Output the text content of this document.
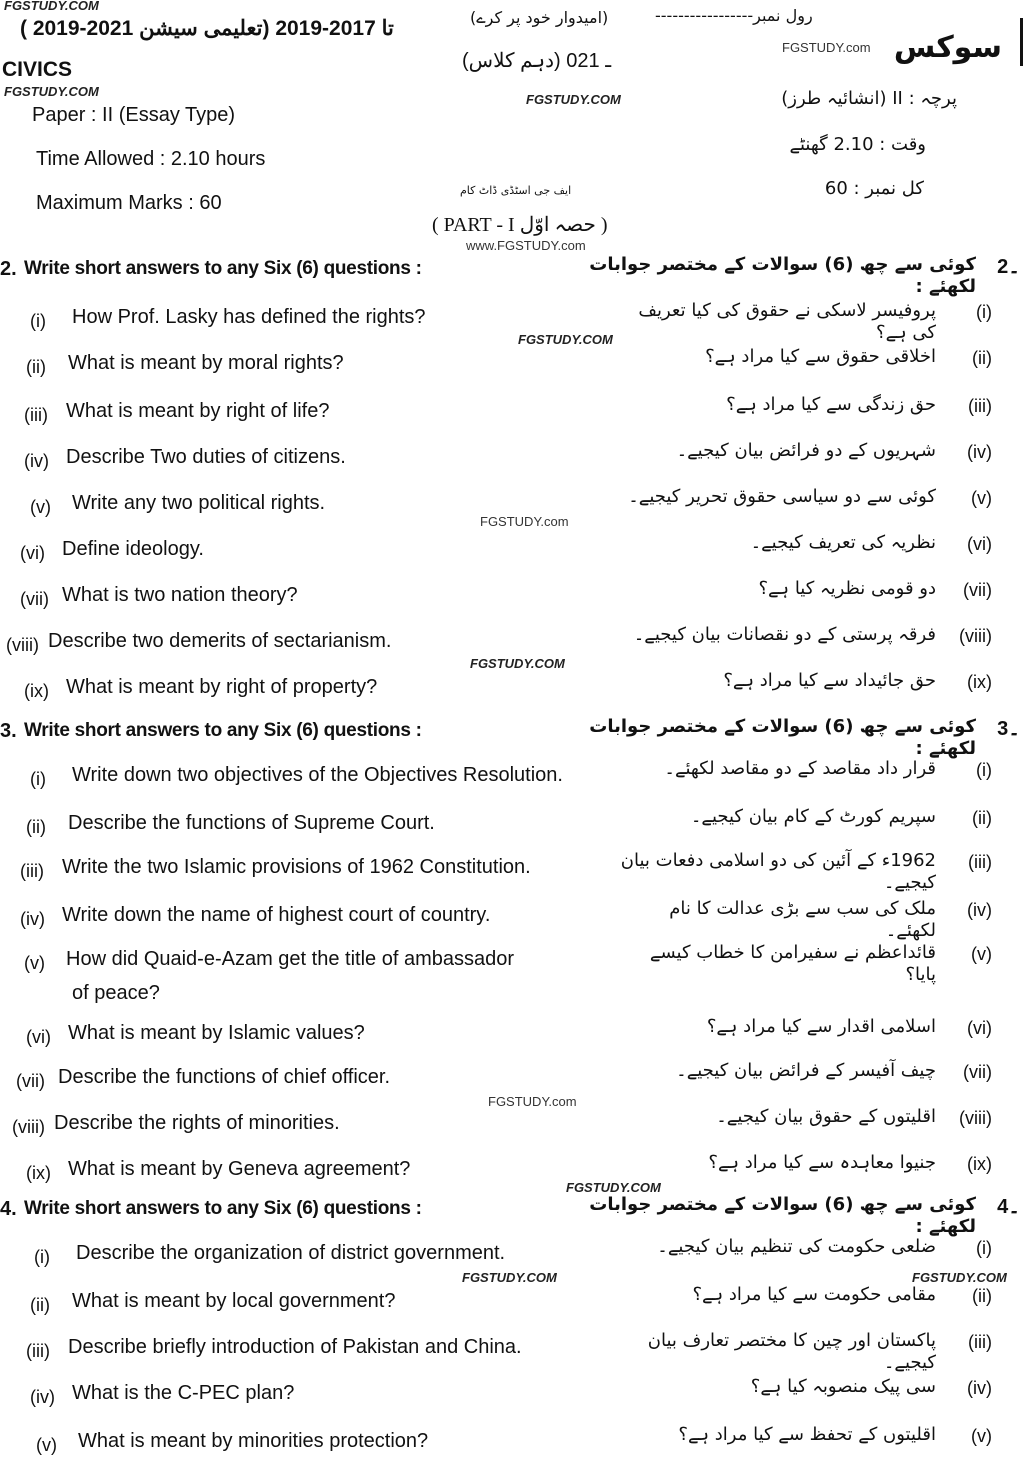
( 2019-2021 تا 2017-2019 (تعلیمی سیشن	(امیدوار خود پر کرے)	رول نمبر-----------------
(دہم کلاس) ـ 021
CIVICS
سوکس
Paper : II (Essay Type)
Time Allowed : 2.10 hours
Maximum Marks : 60
پرچہ : II (انشائیہ طرز)
وقت : 2.10 گھنٹے
کل نمبر : 60
( PART - I حصہ اوّل )
FGSTUDY.COM
FGSTUDY.COM
FGSTUDY.COM
FGSTUDY.com
www.FGSTUDY.com
FGSTUDY.COM
FGSTUDY.com
FGSTUDY.COM
FGSTUDY.com
FGSTUDY.COM
FGSTUDY.COM	FGSTUDY.COM
ایف جی اسٹڈی ڈاٹ کام
2. Write short answers to any Six (6) questions :	کوئی سے چھ (6) سوالات کے مختصر جوابات لکھئے :
2۔
(i) How Prof. Lasky has defined the rights?	پروفیسر لاسکی نے حقوق کی کیا تعریف کی ہے؟
(i)
(ii) What is meant by moral rights?	اخلاقی حقوق سے کیا مراد ہے؟	(ii)
(iii) What is meant by right of life?	حق زندگی سے کیا مراد ہے؟	(iii)
(iv) Describe Two duties of citizens.	شہریوں کے دو فرائض بیان کیجیے۔	(iv)
(v) Write any two political rights.	کوئی سے دو سیاسی حقوق تحریر کیجیے۔	(v)
(vi) Define ideology.	نظریہ کی تعریف کیجیے۔	(vi)
(vii) What is two nation theory?	دو قومی نظریہ کیا ہے؟	(vii)
(viii) Describe two demerits of sectarianism.	فرقہ پرستی کے دو نقصانات بیان کیجیے۔	(viii)
(ix) What is meant by right of property?	حق جائیداد سے کیا مراد ہے؟	(ix)
3. Write short answers to any Six (6) questions :	کوئی سے چھ (6) سوالات کے مختصر جوابات لکھئے :
3۔
(i) Write down two objectives of the Objectives Resolution.	قرار داد مقاصد کے دو مقاصد لکھئے۔	(i)
(ii) Describe the functions of Supreme Court.	سپریم کورٹ کے کام بیان کیجیے۔	(ii)
(iii) Write the two Islamic provisions of 1962 Constitution.	1962ء کے آئین کی دو اسلامی دفعات بیان کیجیے۔
(iii)
(iv) Write down the name of highest court of country.	ملک کی سب سے بڑی عدالت کا نام لکھئے۔
(iv)
(v) How did Quaid-e-Azam get the title of ambassador
of peace?
قائداعظم نے سفیرامن کا خطاب کیسے پایا؟
(v)
(vi) What is meant by Islamic values?	اسلامی اقدار سے کیا مراد ہے؟	(vi)
(vii) Describe the functions of chief officer.	چیف آفیسر کے فرائض بیان کیجیے۔	(vii)
(viii) Describe the rights of minorities.	اقلیتوں کے حقوق بیان کیجیے۔	(viii)
(ix) What is meant by Geneva agreement?	جنیوا معاہدہ سے کیا مراد ہے؟	(ix)
4. Write short answers to any Six (6) questions :	کوئی سے چھ (6) سوالات کے مختصر جوابات لکھئے :
4۔
(i) Describe the organization of district government.	ضلعی حکومت کی تنظیم بیان کیجیے۔	(i)
(ii) What is meant by local government?	مقامی حکومت سے کیا مراد ہے؟	(ii)
(iii) Describe briefly introduction of Pakistan and China.	پاکستان اور چین کا مختصر تعارف بیان کیجیے۔
(iii)
(iv) What is the C-PEC plan?	سی پیک منصوبہ کیا ہے؟	(iv)
(v) What is meant by minorities protection?	اقلیتوں کے تحفظ سے کیا مراد ہے؟	(v)
